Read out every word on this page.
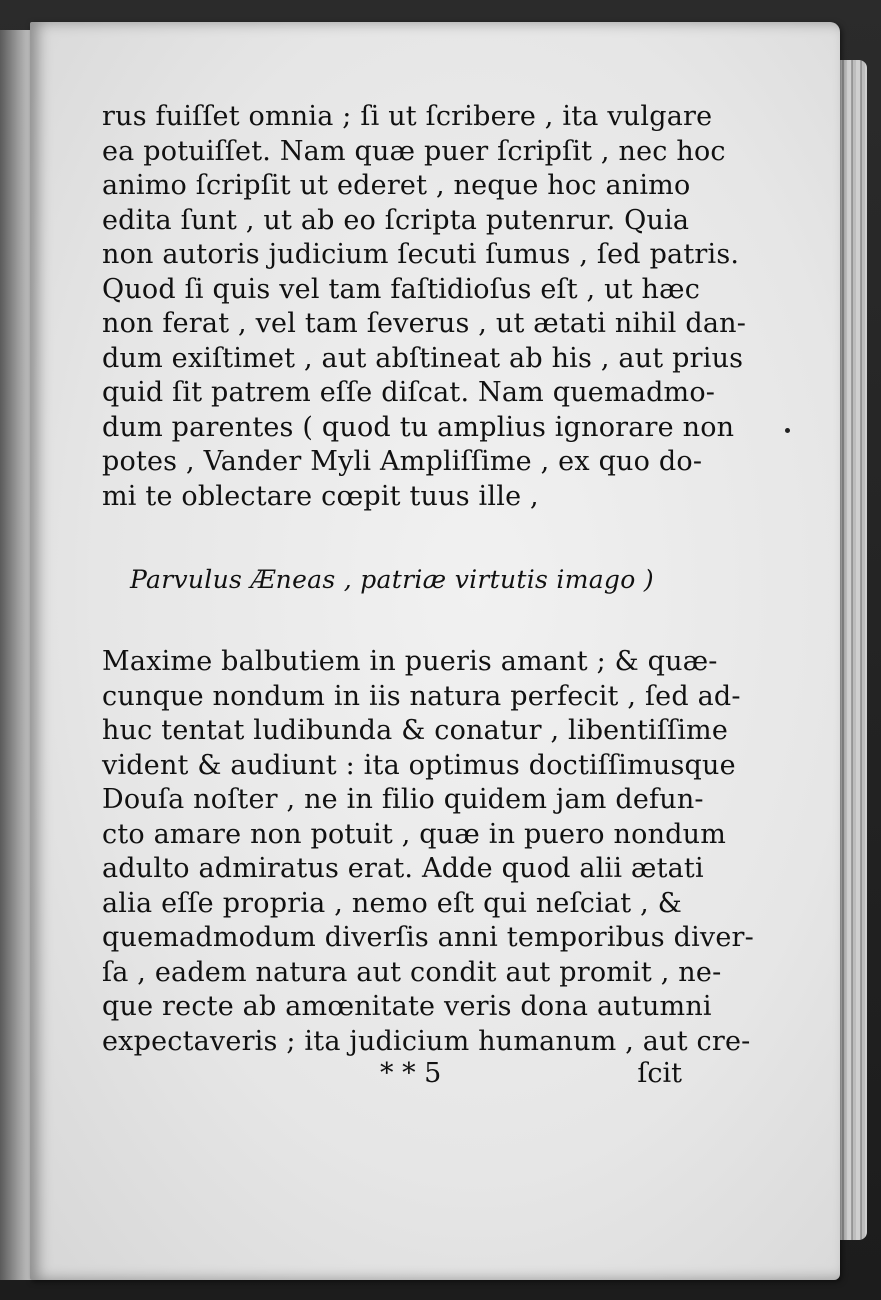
rus fuiſſet omnia ; ſi ut ſcribere , ita vulgare
ea potuiſſet. Nam quæ puer ſcripſit , nec hoc
animo ſcripſit ut ederet , neque hoc animo
edita ſunt , ut ab eo ſcripta putenrur. Quia
non autoris judicium ſecuti ſumus , ſed patris.
Quod ſi quis vel tam faſtidioſus eſt , ut hæc
non ferat , vel tam ſeverus , ut ætati nihil dan-
dum exiſtimet , aut abſtineat ab his , aut prius
quid ſit patrem eſſe diſcat. Nam quemadmo-
dum parentes ( quod tu amplius ignorare non
potes , Vander Myli Ampliſſime , ex quo do-
mi te oblectare cœpit tuus ille ,
Parvulus Æneas , patriæ virtutis imago )
Maxime balbutiem in pueris amant ; & quæ-
cunque nondum in iis natura perfecit , ſed ad-
huc tentat ludibunda & conatur , libentiſſime
vident & audiunt : ita optimus doctiſſimusque
Douſa noſter , ne in filio quidem jam defun-
cto amare non potuit , quæ in puero nondum
adulto admiratus erat. Adde quod alii ætati
alia eſſe propria , nemo eſt qui neſciat , &
quemadmodum diverſis anni temporibus diver-
ſa , eadem natura aut condit aut promit , ne-
que recte ab amœnitate veris dona autumni
expectaveris ; ita judicium humanum , aut cre-
* * 5	ſcit
